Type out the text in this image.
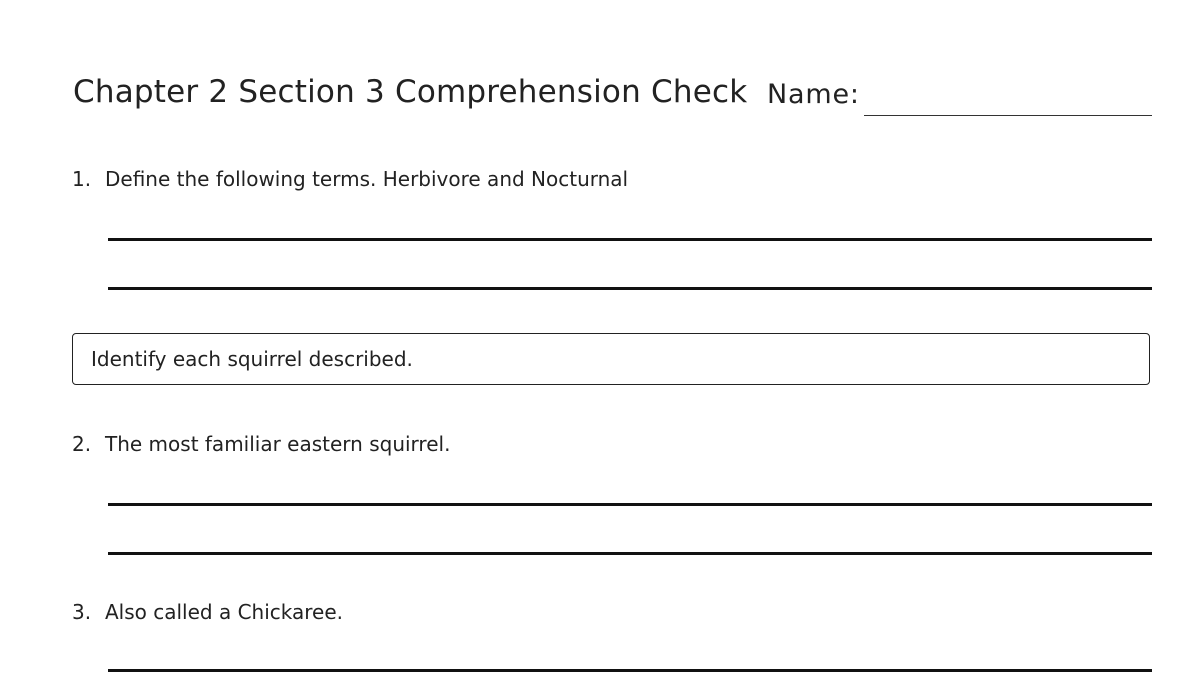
Chapter 2 Section 3 Comprehension Check Name:
1. Define the following terms. Herbivore and Nocturnal
Identify each squirrel described.
2. The most familiar eastern squirrel.
3. Also called a Chickaree.
